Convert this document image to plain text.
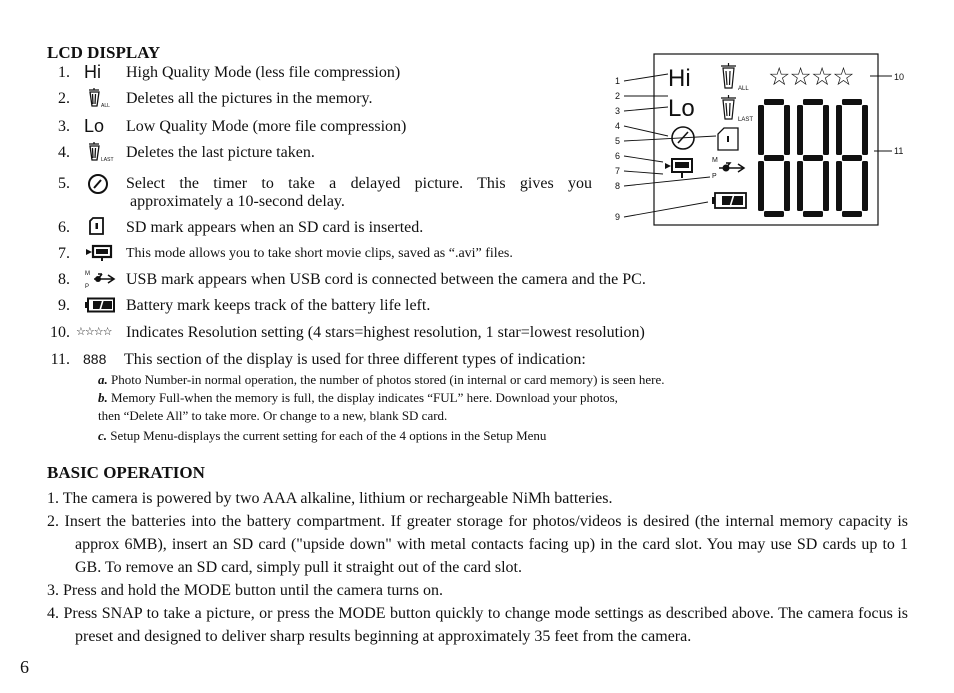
LCD DISPLAY
1. Hi High Quality Mode (less file compression)
2.	ALL Deletes all the pictures in the memory.
3. Lo Low Quality Mode (more file compression)
4.	LAST Deletes the last picture taken.
5.	Select the timer to take a delayed picture. This gives you
approximately a 10-second delay.
6.	SD mark appears when an SD card is inserted.
7.	This mode allows you to take short movie clips, saved as “.avi” files.
8.	M
P USB mark appears when USB cord is connected between the camera and the PC.
9.	Battery mark keeps track of the battery life left.
10. ☆☆☆☆ Indicates Resolution setting (4 stars=highest resolution, 1 star=lowest resolution)
11. 888 This section of the display is used for three different types of indication:
a. Photo Number-in normal operation, the number of photos stored (in internal or card memory) is seen here.
b. Memory Full-when the memory is full, the display indicates “FUL” here. Download your photos,
then “Delete All” to take more. Or change to a new, blank SD card.
c. Setup Menu-displays the current setting for each of the 4 options in the Setup Menu
1
2
3
4
5
6
7
8
9
10
11
Hi
Lo
ALL
LAST
☆☆☆☆
M
P
BASIC OPERATION
1. The camera is powered by two AAA alkaline, lithium or rechargeable NiMh batteries.
2. Insert the batteries into the battery compartment. If greater storage for photos/videos is desired (the internal memory capacity is approx 6MB), insert an SD card ("upside down" with metal contacts facing up) in the card slot. You may use SD cards up to 1 GB. To remove an SD card, simply pull it straight out of the card slot.
3. Press and hold the MODE button until the camera turns on.
4. Press SNAP to take a picture, or press the MODE button quickly to change mode settings as described above. The camera focus is preset and designed to deliver sharp results beginning at approximately 35 feet from the camera.
6
